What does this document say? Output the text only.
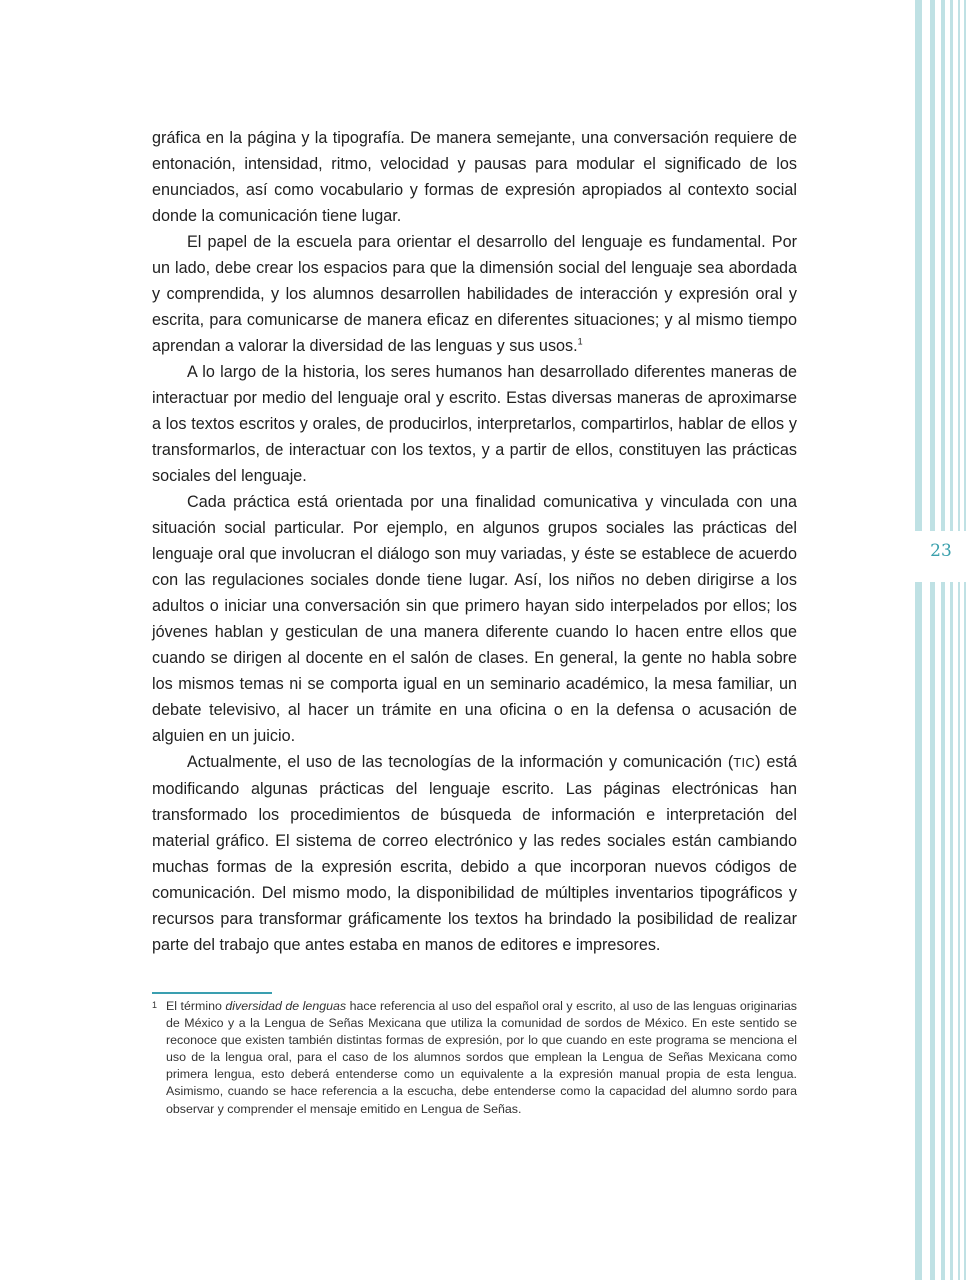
gráfica en la página y la tipografía. De manera semejante, una conversación requiere de entonación, intensidad, ritmo, velocidad y pausas para modular el significado de los enunciados, así como vocabulario y formas de expresión apropiados al contexto social donde la comunicación tiene lugar.

El papel de la escuela para orientar el desarrollo del lenguaje es fundamental. Por un lado, debe crear los espacios para que la dimensión social del lenguaje sea abordada y comprendida, y los alumnos desarrollen habilidades de interacción y expresión oral y escrita, para comunicarse de manera eficaz en diferentes situaciones; y al mismo tiempo aprendan a valorar la diversidad de las lenguas y sus usos.$^1$

A lo largo de la historia, los seres humanos han desarrollado diferentes maneras de interactuar por medio del lenguaje oral y escrito. Estas diversas maneras de aproximarse a los textos escritos y orales, de producirlos, interpretarlos, compartirlos, hablar de ellos y transformarlos, de interactuar con los textos, y a partir de ellos, constituyen las prácticas sociales del lenguaje.

Cada práctica está orientada por una finalidad comunicativa y vinculada con una situación social particular. Por ejemplo, en algunos grupos sociales las prácticas del lenguaje oral que involucran el diálogo son muy variadas, y éste se establece de acuerdo con las regulaciones sociales donde tiene lugar. Así, los niños no deben dirigirse a los adultos o iniciar una conversación sin que primero hayan sido interpelados por ellos; los jóvenes hablan y gesticulan de una manera diferente cuando lo hacen entre ellos que cuando se dirigen al docente en el salón de clases. En general, la gente no habla sobre los mismos temas ni se comporta igual en un seminario académico, la mesa familiar, un debate televisivo, al hacer un trámite en una oficina o en la defensa o acusación de alguien en un juicio.

Actualmente, el uso de las tecnologías de la información y comunicación (TIC) está modificando algunas prácticas del lenguaje escrito. Las páginas electrónicas han transformado los procedimientos de búsqueda de información e interpretación del material gráfico. El sistema de correo electrónico y las redes sociales están cambiando muchas formas de la expresión escrita, debido a que incorporan nuevos códigos de comunicación. Del mismo modo, la disponibilidad de múltiples inventarios tipográficos y recursos para transformar gráficamente los textos ha brindado la posibilidad de realizar parte del trabajo que antes estaba en manos de editores e impresores.

1 El término diversidad de lenguas hace referencia al uso del español oral y escrito, al uso de las lenguas originarias de México y a la Lengua de Señas Mexicana que utiliza la comunidad de sordos de México. En este sentido se reconoce que existen también distintas formas de expresión, por lo que cuando en este programa se menciona el uso de la lengua oral, para el caso de los alumnos sordos que emplean la Lengua de Señas Mexicana como primera lengua, esto deberá entenderse como un equivalente a la expresión manual propia de esta lengua. Asimismo, cuando se hace referencia a la escucha, debe entenderse como la capacidad del alumno sordo para observar y comprender el mensaje emitido en Lengua de Señas.
23
